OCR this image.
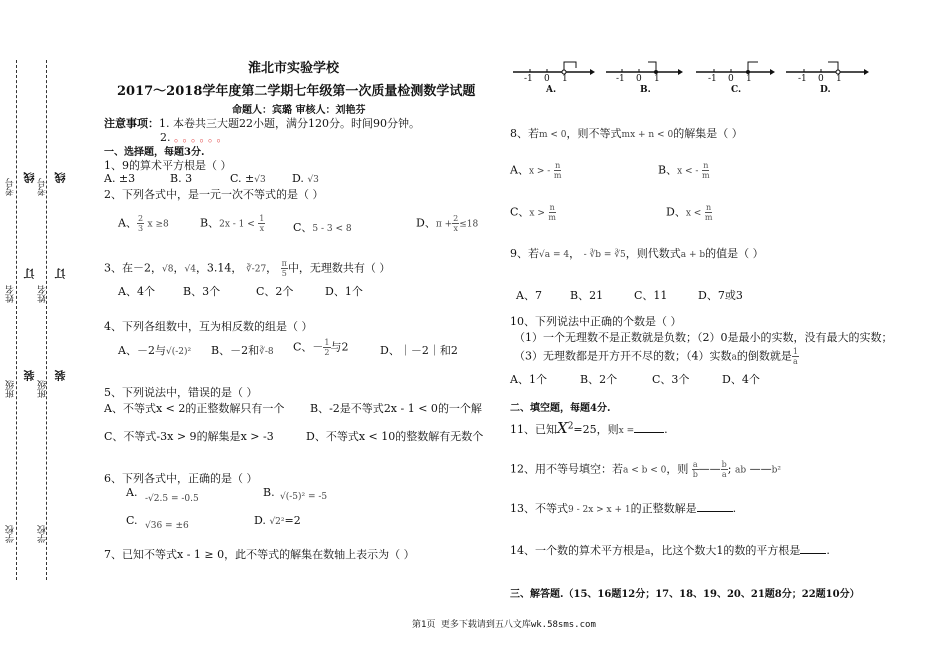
学校
班级
姓名
考号
装
订
线
学校
班级
姓名
考号
装
订
线
淮北市实验学校
2017～2018学年度第二学期七年级第一次质量检测数学试题
命题人：宾璐 审核人：刘艳芬
注意事项：1. 本卷共三大题22小题，满分120分。时间90分钟。
2. 。。。。。。
一、选择题，每题3分.
1、9的算术平方根是（ ）
A. ±3	B. 3	C. ±√3 D. √3
2、下列各式中，是一元一次不等式的是（ ）
A、 $\frac{2}{3}$ x ≥8	B、$2x - 1 < \frac{1}{x}$	C、5 - 3 < 8	D、$\pi + \frac{2}{x} \le 18$
3、在－2，√8，√4，3.14， ∛-27， $\frac{\pi}{5}$ 中，无理数共有（ ）
A、4个	B、3个	C、2个	D、1个
4、下列各组数中，互为相反数的组是（ ）
A、－2与√(-2)² B、－2和∛-8 C、－ $\frac{1}{2}$ 与2	D、｜－2｜和2
5、下列说法中，错误的是（ ）
A、不等式x < 2的正整数解只有一个 B、-2是不等式2x - 1 < 0的一个解
C、不等式-3x > 9的解集是x > -3	D、不等式x < 10的整数解有无数个
6、下列各式中，正确的是（ ）
A. -√2.5 = -0.5	B. √(-5)² = -5
C. √36 = ±6	D. √2²=2
7、已知不等式x - 1 ≥ 0，此不等式的解集在数轴上表示为（ ）
-1 0 1
A.
-1 0 1
B.
-1 0 1
C.
-1 0 1
D.
8、若m < 0，则不等式mx + n < 0的解集是（ ）
A、x > - $\frac{n}{m}$	B、x < - $\frac{n}{m}$
C、$x > \frac{n}{m}$	D、$x < \frac{n}{m}$
9、若√a = 4， - ∛b = ∛5，则代数式a + b的值是（ ）
A、7	B、21	C、11	D、7或3
10、下列说法中正确的个数是（ ）
（1）一个无理数不是正数就是负数；（2）0是最小的实数，没有最大的实数；
（3）无理数都是开方开不尽的数；（4）实数a的倒数就是 $\frac{1}{a}$
A、1个	B、2个	C、3个	D、4个
二、填空题，每题4分.
11、已知$X^2=25$，则x =	.
12、用不等号填空：若a < b < 0，则 $\frac{a}{b}$ —— $\frac{b}{a}$ ; ab ——b²
13、不等式9 - 2x > x + 1的正整数解是	.
14、一个数的算术平方根是a，比这个数大1的数的平方根是 .
三、解答题.（15、16题12分；17、18、19、20、21题8分；22题10分）
第1页 更多下载请到五八文库wk.58sms.com
